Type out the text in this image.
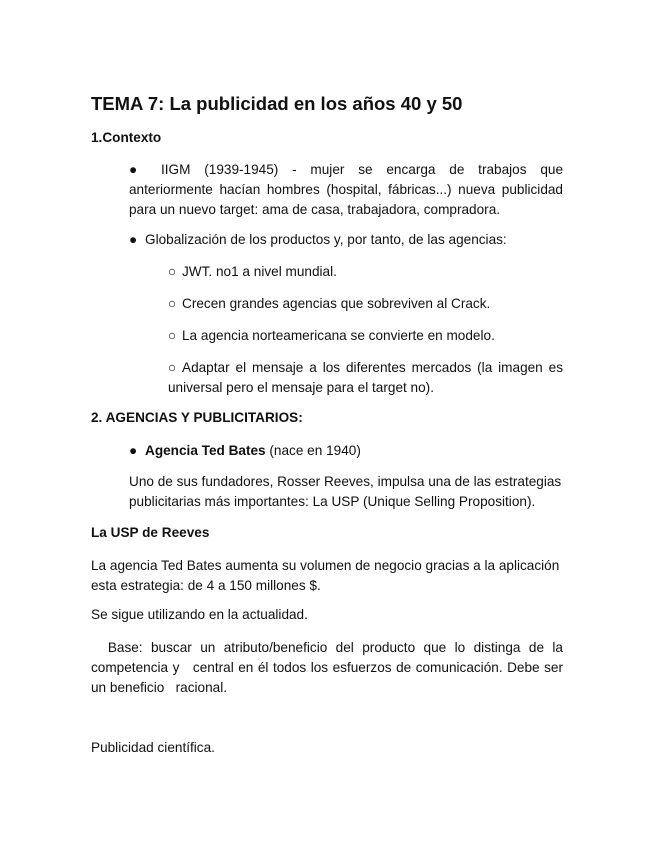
TEMA 7: La publicidad en los años 40 y 50

1.Contexto

● IIGM (1939-1945) - mujer se encarga de trabajos que anteriormente hacían hombres (hospital, fábricas...) nueva publicidad para un nuevo target: ama de casa, trabajadora, compradora.

● Globalización de los productos y, por tanto, de las agencias:

○ JWT. no1 a nivel mundial.

○ Crecen grandes agencias que sobreviven al Crack.

○ La agencia norteamericana se convierte en modelo.

○ Adaptar el mensaje a los diferentes mercados (la imagen es universal pero el mensaje para el target no).

2. AGENCIAS Y PUBLICITARIOS:

● Agencia Ted Bates (nace en 1940)

Uno de sus fundadores, Rosser Reeves, impulsa una de las estrategias publicitarias más importantes: La USP (Unique Selling Proposition).

La USP de Reeves

La agencia Ted Bates aumenta su volumen de negocio gracias a la aplicación esta estrategia: de 4 a 150 millones $.

Se sigue utilizando en la actualidad.

Base: buscar un atributo/beneficio del producto que lo distinga de la competencia y   central en él todos los esfuerzos de comunicación. Debe ser un beneficio   racional.

Publicidad científica.
